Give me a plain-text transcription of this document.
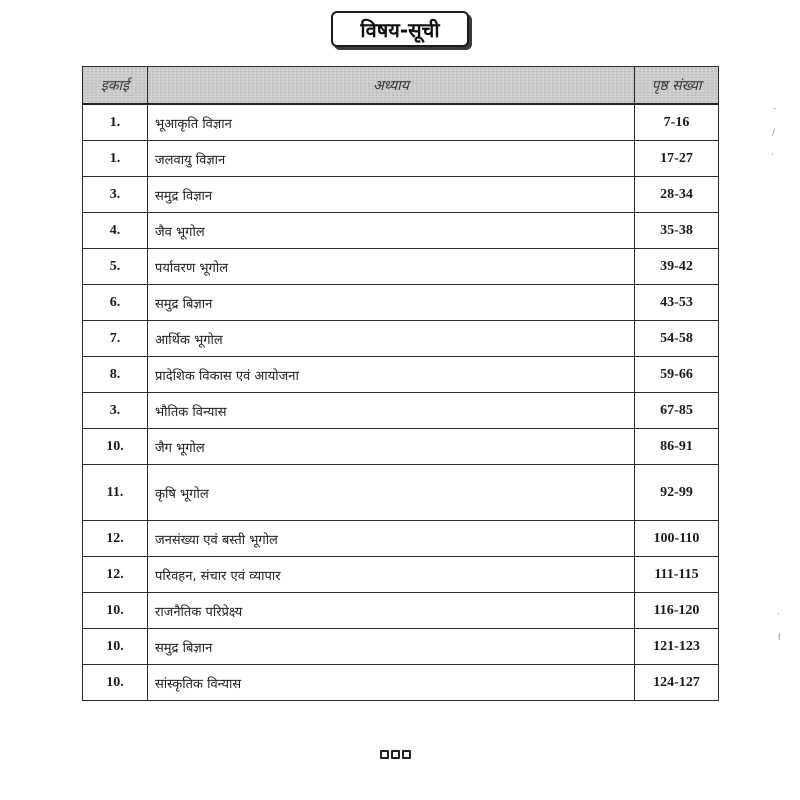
विषय-सूची
इकाई	अध्याय	पृष्ठ संख्या
1.	भूआकृति विज्ञान	7-16
1.	जलवायु विज्ञान	17-27
3.	समुद्र विज्ञान	28-34
4.	जैव भूगोल	35-38
5.	पर्यावरण भूगोल	39-42
6.	समुद्र बिज्ञान	43-53
7.	आर्थिक भूगोल	54-58
8.	प्रादेशिक विकास एवं आयोजना	59-66
3.	भौतिक विन्यास	67-85
10.	जैग भूगोल	86-91
11.	कृषि भूगोल	92-99
12.	जनसंख्या एवं बस्ती भूगोल	100-110
12.	परिवहन, संचार एवं व्यापार	111-115
10.	राजनैतिक परिप्रेक्ष्य	116-120
10.	समुद्र बिज्ञान	121-123
10.	सांस्कृतिक विन्यास	124-127
-
/
·
·
ł
